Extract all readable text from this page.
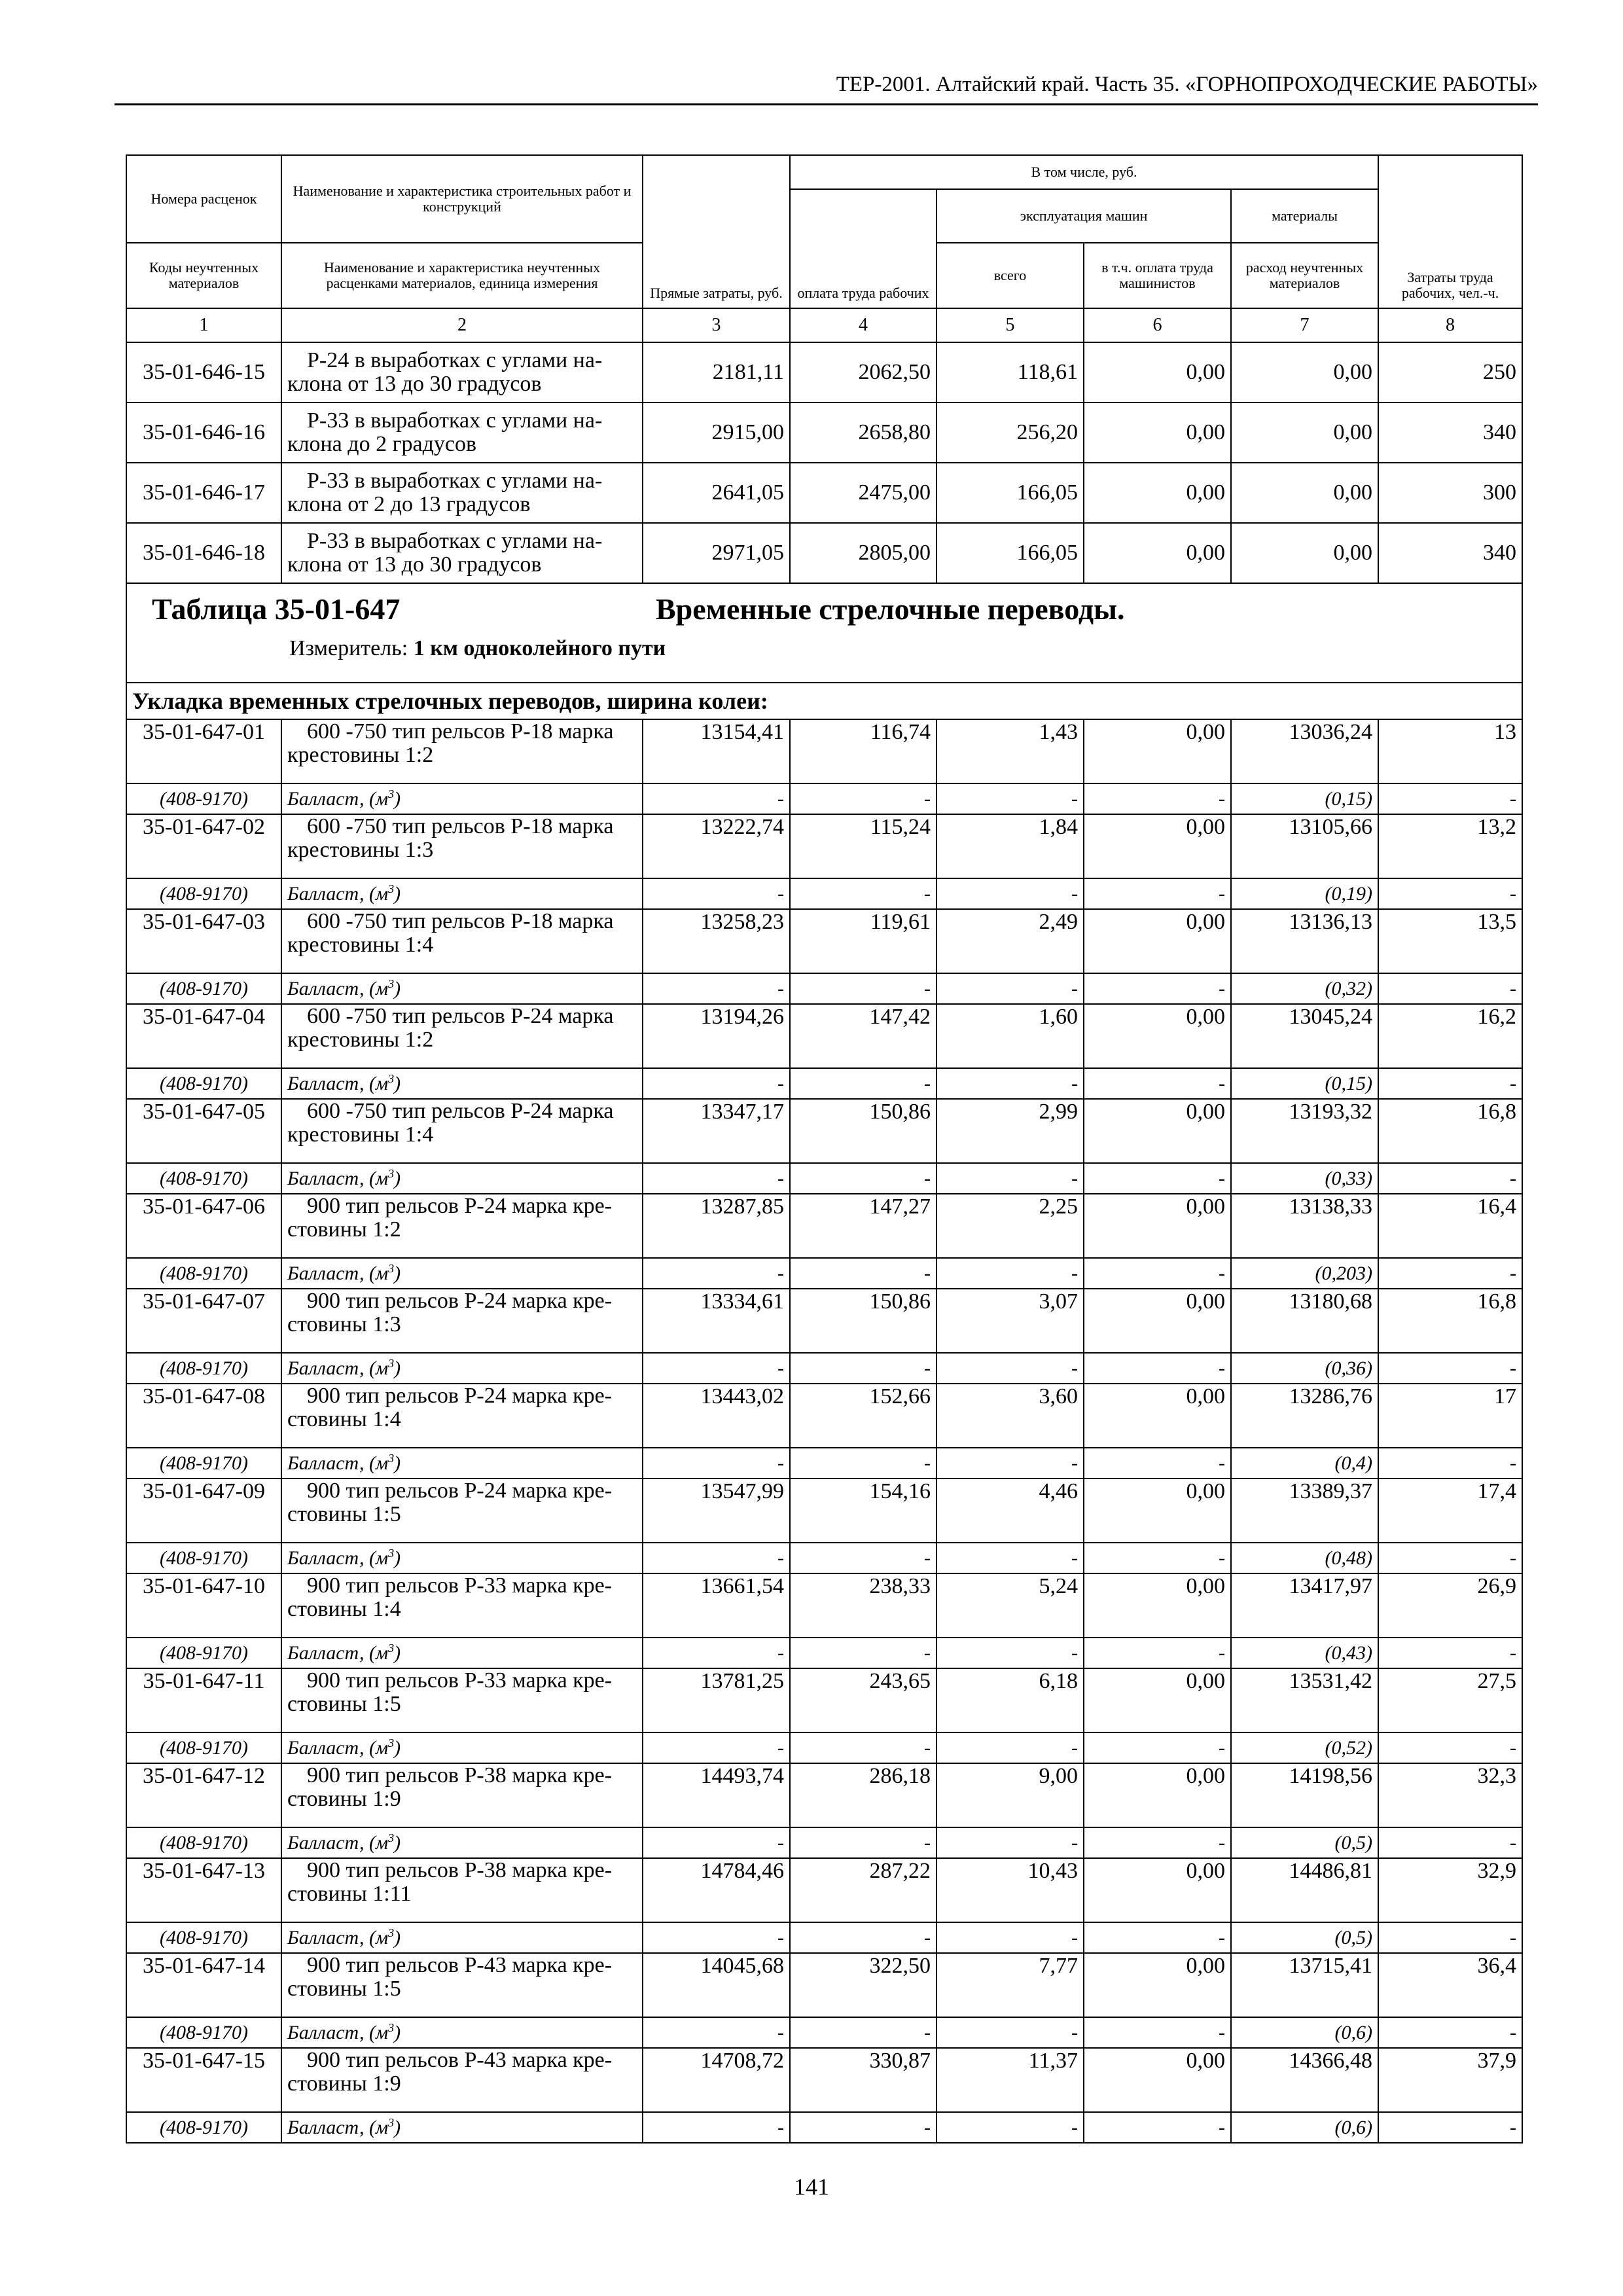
ТЕР-2001. Алтайский край. Часть 35. «ГОРНОПРОХОДЧЕСКИЕ РАБОТЫ»
Номера расценок	Наименование и характеристика строительных работ и конструкций	Прямые затраты, руб.	В том числе, руб.				Затраты труда рабочих, чел.-ч.
			оплата труда рабочих	эксплуатация машин		материалы	
Коды неучтенных материалов	Наименование и характеристика неучтенных расценками материалов, единица измерения			всего	в т.ч. оплата труда машинистов	расход неучтенных материалов	
1	2	3	4	5	6	7	8
35-01-646-15	Р-24 в выработках с углами на-клона от 13 до 30 градусов	2181,11	2062,50	118,61	0,00	0,00	250
35-01-646-16	Р-33 в выработках с углами на-клона до 2 градусов	2915,00	2658,80	256,20	0,00	0,00	340
35-01-646-17	Р-33 в выработках с углами на-клона от 2 до 13 градусов	2641,05	2475,00	166,05	0,00	0,00	300
35-01-646-18	Р-33 в выработках с углами на-клона от 13 до 30 градусов	2971,05	2805,00	166,05	0,00	0,00	340

Таблица 35-01-647 Временные стрелочные переводы.
Измеритель: 1 км одноколейного пути							

Укладка временных стрелочных переводов, ширина колеи:							
35-01-647-01	600 -750 тип рельсов Р-18 марка крестовины 1:2	13154,41	116,74	1,43	0,00	13036,24	13
(408-9170)	Балласт, $(м^3)$	-	-	-	-	(0,15)	-
35-01-647-02	600 -750 тип рельсов Р-18 марка крестовины 1:3	13222,74	115,24	1,84	0,00	13105,66	13,2
(408-9170)	Балласт, $(м^3)$	-	-	-	-	(0,19)	-
35-01-647-03	600 -750 тип рельсов Р-18 марка крестовины 1:4	13258,23	119,61	2,49	0,00	13136,13	13,5
(408-9170)	Балласт, $(м^3)$	-	-	-	-	(0,32)	-
35-01-647-04	600 -750 тип рельсов Р-24 марка крестовины 1:2	13194,26	147,42	1,60	0,00	13045,24	16,2
(408-9170)	Балласт, $(м^3)$	-	-	-	-	(0,15)	-
35-01-647-05	600 -750 тип рельсов Р-24 марка крестовины 1:4	13347,17	150,86	2,99	0,00	13193,32	16,8
(408-9170)	Балласт, $(м^3)$	-	-	-	-	(0,33)	-
35-01-647-06	900 тип рельсов Р-24 марка кре-стовины 1:2	13287,85	147,27	2,25	0,00	13138,33	16,4
(408-9170)	Балласт, $(м^3)$	-	-	-	-	(0,203)	-
35-01-647-07	900 тип рельсов Р-24 марка кре-стовины 1:3	13334,61	150,86	3,07	0,00	13180,68	16,8
(408-9170)	Балласт, $(м^3)$	-	-	-	-	(0,36)	-
35-01-647-08	900 тип рельсов Р-24 марка кре-стовины 1:4	13443,02	152,66	3,60	0,00	13286,76	17
(408-9170)	Балласт, $(м^3)$	-	-	-	-	(0,4)	-
35-01-647-09	900 тип рельсов Р-24 марка кре-стовины 1:5	13547,99	154,16	4,46	0,00	13389,37	17,4
(408-9170)	Балласт, $(м^3)$	-	-	-	-	(0,48)	-
35-01-647-10	900 тип рельсов Р-33 марка кре-стовины 1:4	13661,54	238,33	5,24	0,00	13417,97	26,9
(408-9170)	Балласт, $(м^3)$	-	-	-	-	(0,43)	-
35-01-647-11	900 тип рельсов Р-33 марка кре-стовины 1:5	13781,25	243,65	6,18	0,00	13531,42	27,5
(408-9170)	Балласт, $(м^3)$	-	-	-	-	(0,52)	-
35-01-647-12	900 тип рельсов Р-38 марка кре-стовины 1:9	14493,74	286,18	9,00	0,00	14198,56	32,3
(408-9170)	Балласт, $(м^3)$	-	-	-	-	(0,5)	-
35-01-647-13	900 тип рельсов Р-38 марка кре-стовины 1:11	14784,46	287,22	10,43	0,00	14486,81	32,9
(408-9170)	Балласт, $(м^3)$	-	-	-	-	(0,5)	-
35-01-647-14	900 тип рельсов Р-43 марка кре-стовины 1:5	14045,68	322,50	7,77	0,00	13715,41	36,4
(408-9170)	Балласт, $(м^3)$	-	-	-	-	(0,6)	-
35-01-647-15	900 тип рельсов Р-43 марка кре-стовины 1:9	14708,72	330,87	11,37	0,00	14366,48	37,9
(408-9170)	Балласт, $(м^3)$	-	-	-	-	(0,6)	-
141
